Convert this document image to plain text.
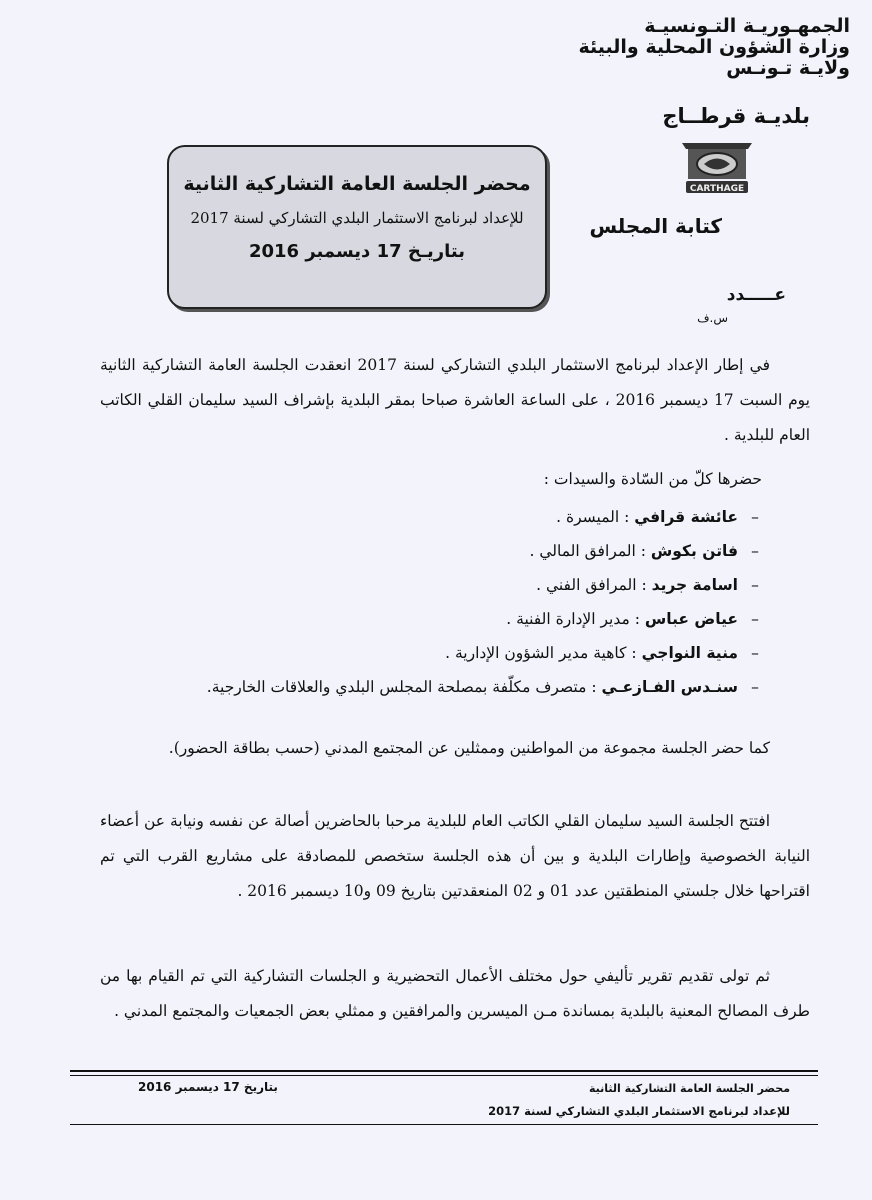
الجمهـوريـة التـونسيـة
وزارة الشؤون المحلية والبيئة
ولايـة تـونـس
بلديـة قرطــاج
CARTHAGE
كتابة المجلس
عـــــدد
س.ف
محضر الجلسة العامة التشاركية الثانية
للإعداد لبرنامج الاستثمار البلدي التشاركي لسنة 2017
بتاريـخ 17 ديسمبر 2016
في إطار الإعداد لبرنامج الاستثمار البلدي التشاركي لسنة 2017 انعقدت الجلسة العامة التشاركية الثانية يوم السبت 17 ديسمبر 2016 ، على الساعة العاشرة صباحا بمقر البلدية بإشراف السيد سليمان القلي الكاتب العام للبلدية .
حضرها كلّ من السّادة والسيدات :
–عائشة قرافي : الميسرة .
–فاتن بكوش : المرافق المالي .
–اسامة جريد : المرافق الفني .
–عياض عباس : مدير الإدارة الفنية .
–منية النواجي : كاهية مدير الشؤون الإدارية .
–سنـدس الفـازعـي : متصرف مكلّفة بمصلحة المجلس البلدي والعلاقات الخارجية.
كما حضر الجلسة مجموعة من المواطنين وممثلين عن المجتمع المدني (حسب بطاقة الحضور).
افتتح الجلسة السيد سليمان القلي الكاتب العام للبلدية مرحبا بالحاضرين أصالة عن نفسه ونيابة عن أعضاء النيابة الخصوصية وإطارات البلدية و بين أن هذه الجلسة ستخصص للمصادقة على مشاريع القرب التي تم اقتراحها خلال جلستي المنطقتين عدد 01 و 02 المنعقدتين بتاريخ 09 و10 ديسمبر 2016 .
ثم تولى تقديم تقرير تأليفي حول مختلف الأعمال التحضيرية و الجلسات التشاركية التي تم القيام بها من طرف المصالح المعنية بالبلدية بمساندة مـن الميسرين والمرافقين و ممثلي بعض الجمعيات والمجتمع المدني .
محضر الجلسة العامة التشاركية الثانية
بتاريخ 17 ديسمبر 2016
للإعداد لبرنامج الاستثمار البلدي التشاركي لسنة 2017
